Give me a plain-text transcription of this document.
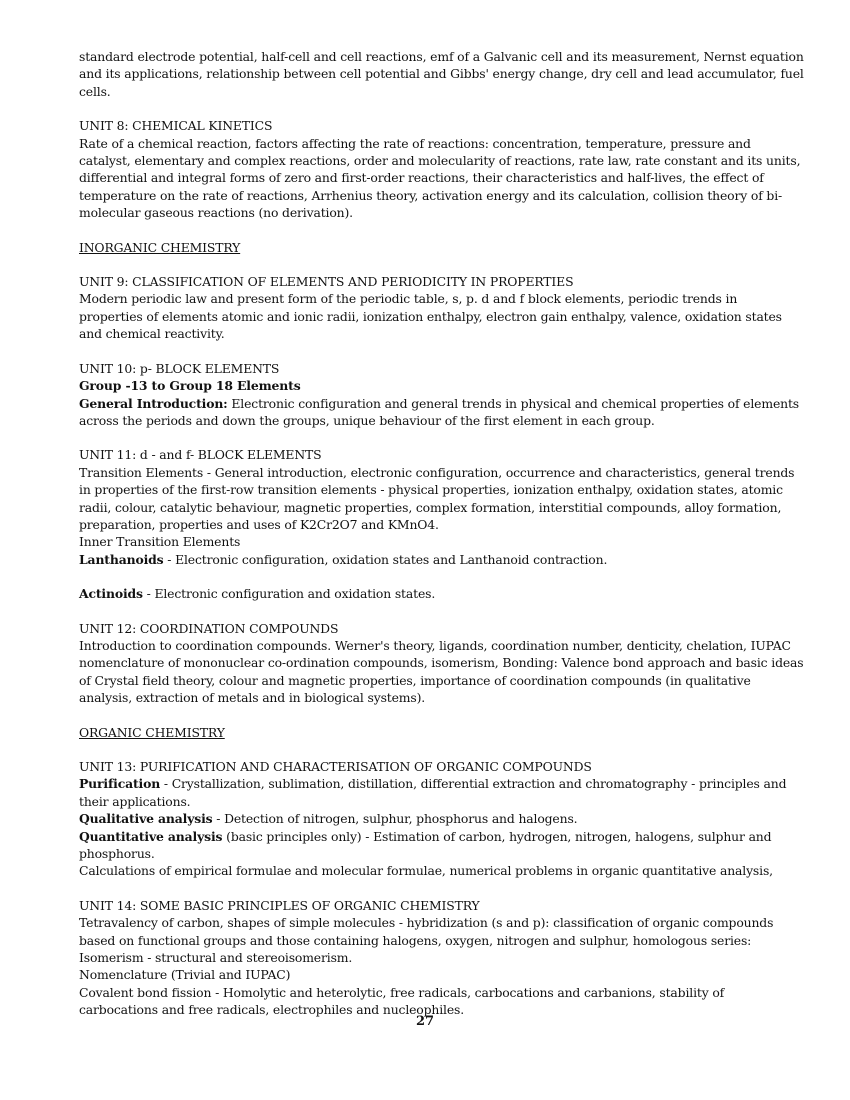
standard electrode potential, half-cell and cell reactions, emf of a Galvanic cell and its measurement, Nernst equation and its applications, relationship between cell potential and Gibbs' energy change, dry cell and lead accumulator, fuel cells.

UNIT 8: CHEMICAL KINETICS

Rate of a chemical reaction, factors affecting the rate of reactions: concentration, temperature, pressure and catalyst, elementary and complex reactions, order and molecularity of reactions, rate law, rate constant and its units, differential and integral forms of zero and first-order reactions, their characteristics and half-lives, the effect of temperature on the rate of reactions, Arrhenius theory, activation energy and its calculation, collision theory of bi-molecular gaseous reactions (no derivation).

INORGANIC CHEMISTRY
UNIT 9: CLASSIFICATION OF ELEMENTS AND PERIODICITY IN PROPERTIES

Modern periodic law and present form of the periodic table, s, p. d and f block elements, periodic trends in properties of elements atomic and ionic radii, ionization enthalpy, electron gain enthalpy, valence, oxidation states and chemical reactivity.

UNIT 10: p- BLOCK ELEMENTS
Group -13 to Group 18 Elements

General Introduction: Electronic configuration and general trends in physical and chemical properties of elements across the periods and down the groups, unique behaviour of the first element in each group.

UNIT 11: d - and f- BLOCK ELEMENTS

Transition Elements - General introduction, electronic configuration, occurrence and characteristics, general trends in properties of the first-row transition elements - physical properties, ionization enthalpy, oxidation states, atomic radii, colour, catalytic behaviour, magnetic properties, complex formation, interstitial compounds, alloy formation, preparation, properties and uses of K2Cr2O7 and KMnO4.

Inner Transition Elements

Lanthanoids - Electronic configuration, oxidation states and Lanthanoid contraction.

Actinoids - Electronic configuration and oxidation states.

UNIT 12: COORDINATION COMPOUNDS

Introduction to coordination compounds. Werner's theory, ligands, coordination number, denticity, chelation, IUPAC nomenclature of mononuclear co-ordination compounds, isomerism, Bonding: Valence bond approach and basic ideas of Crystal field theory, colour and magnetic properties, importance of coordination compounds (in qualitative analysis, extraction of metals and in biological systems).

ORGANIC CHEMISTRY
UNIT 13: PURIFICATION AND CHARACTERISATION OF ORGANIC COMPOUNDS

Purification - Crystallization, sublimation, distillation, differential extraction and chromatography - principles and their applications.

Qualitative analysis - Detection of nitrogen, sulphur, phosphorus and halogens.

Quantitative analysis (basic principles only) - Estimation of carbon, hydrogen, nitrogen, halogens, sulphur and phosphorus.

Calculations of empirical formulae and molecular formulae, numerical problems in organic quantitative analysis,

UNIT 14: SOME BASIC PRINCIPLES OF ORGANIC CHEMISTRY

Tetravalency of carbon, shapes of simple molecules - hybridization (s and p): classification of organic compounds based on functional groups and those containing halogens, oxygen, nitrogen and sulphur, homologous series:

Isomerism - structural and stereoisomerism.

Nomenclature (Trivial and IUPAC)

Covalent bond fission - Homolytic and heterolytic, free radicals, carbocations and carbanions, stability of carbocations and free radicals, electrophiles and nucleophiles.

27
